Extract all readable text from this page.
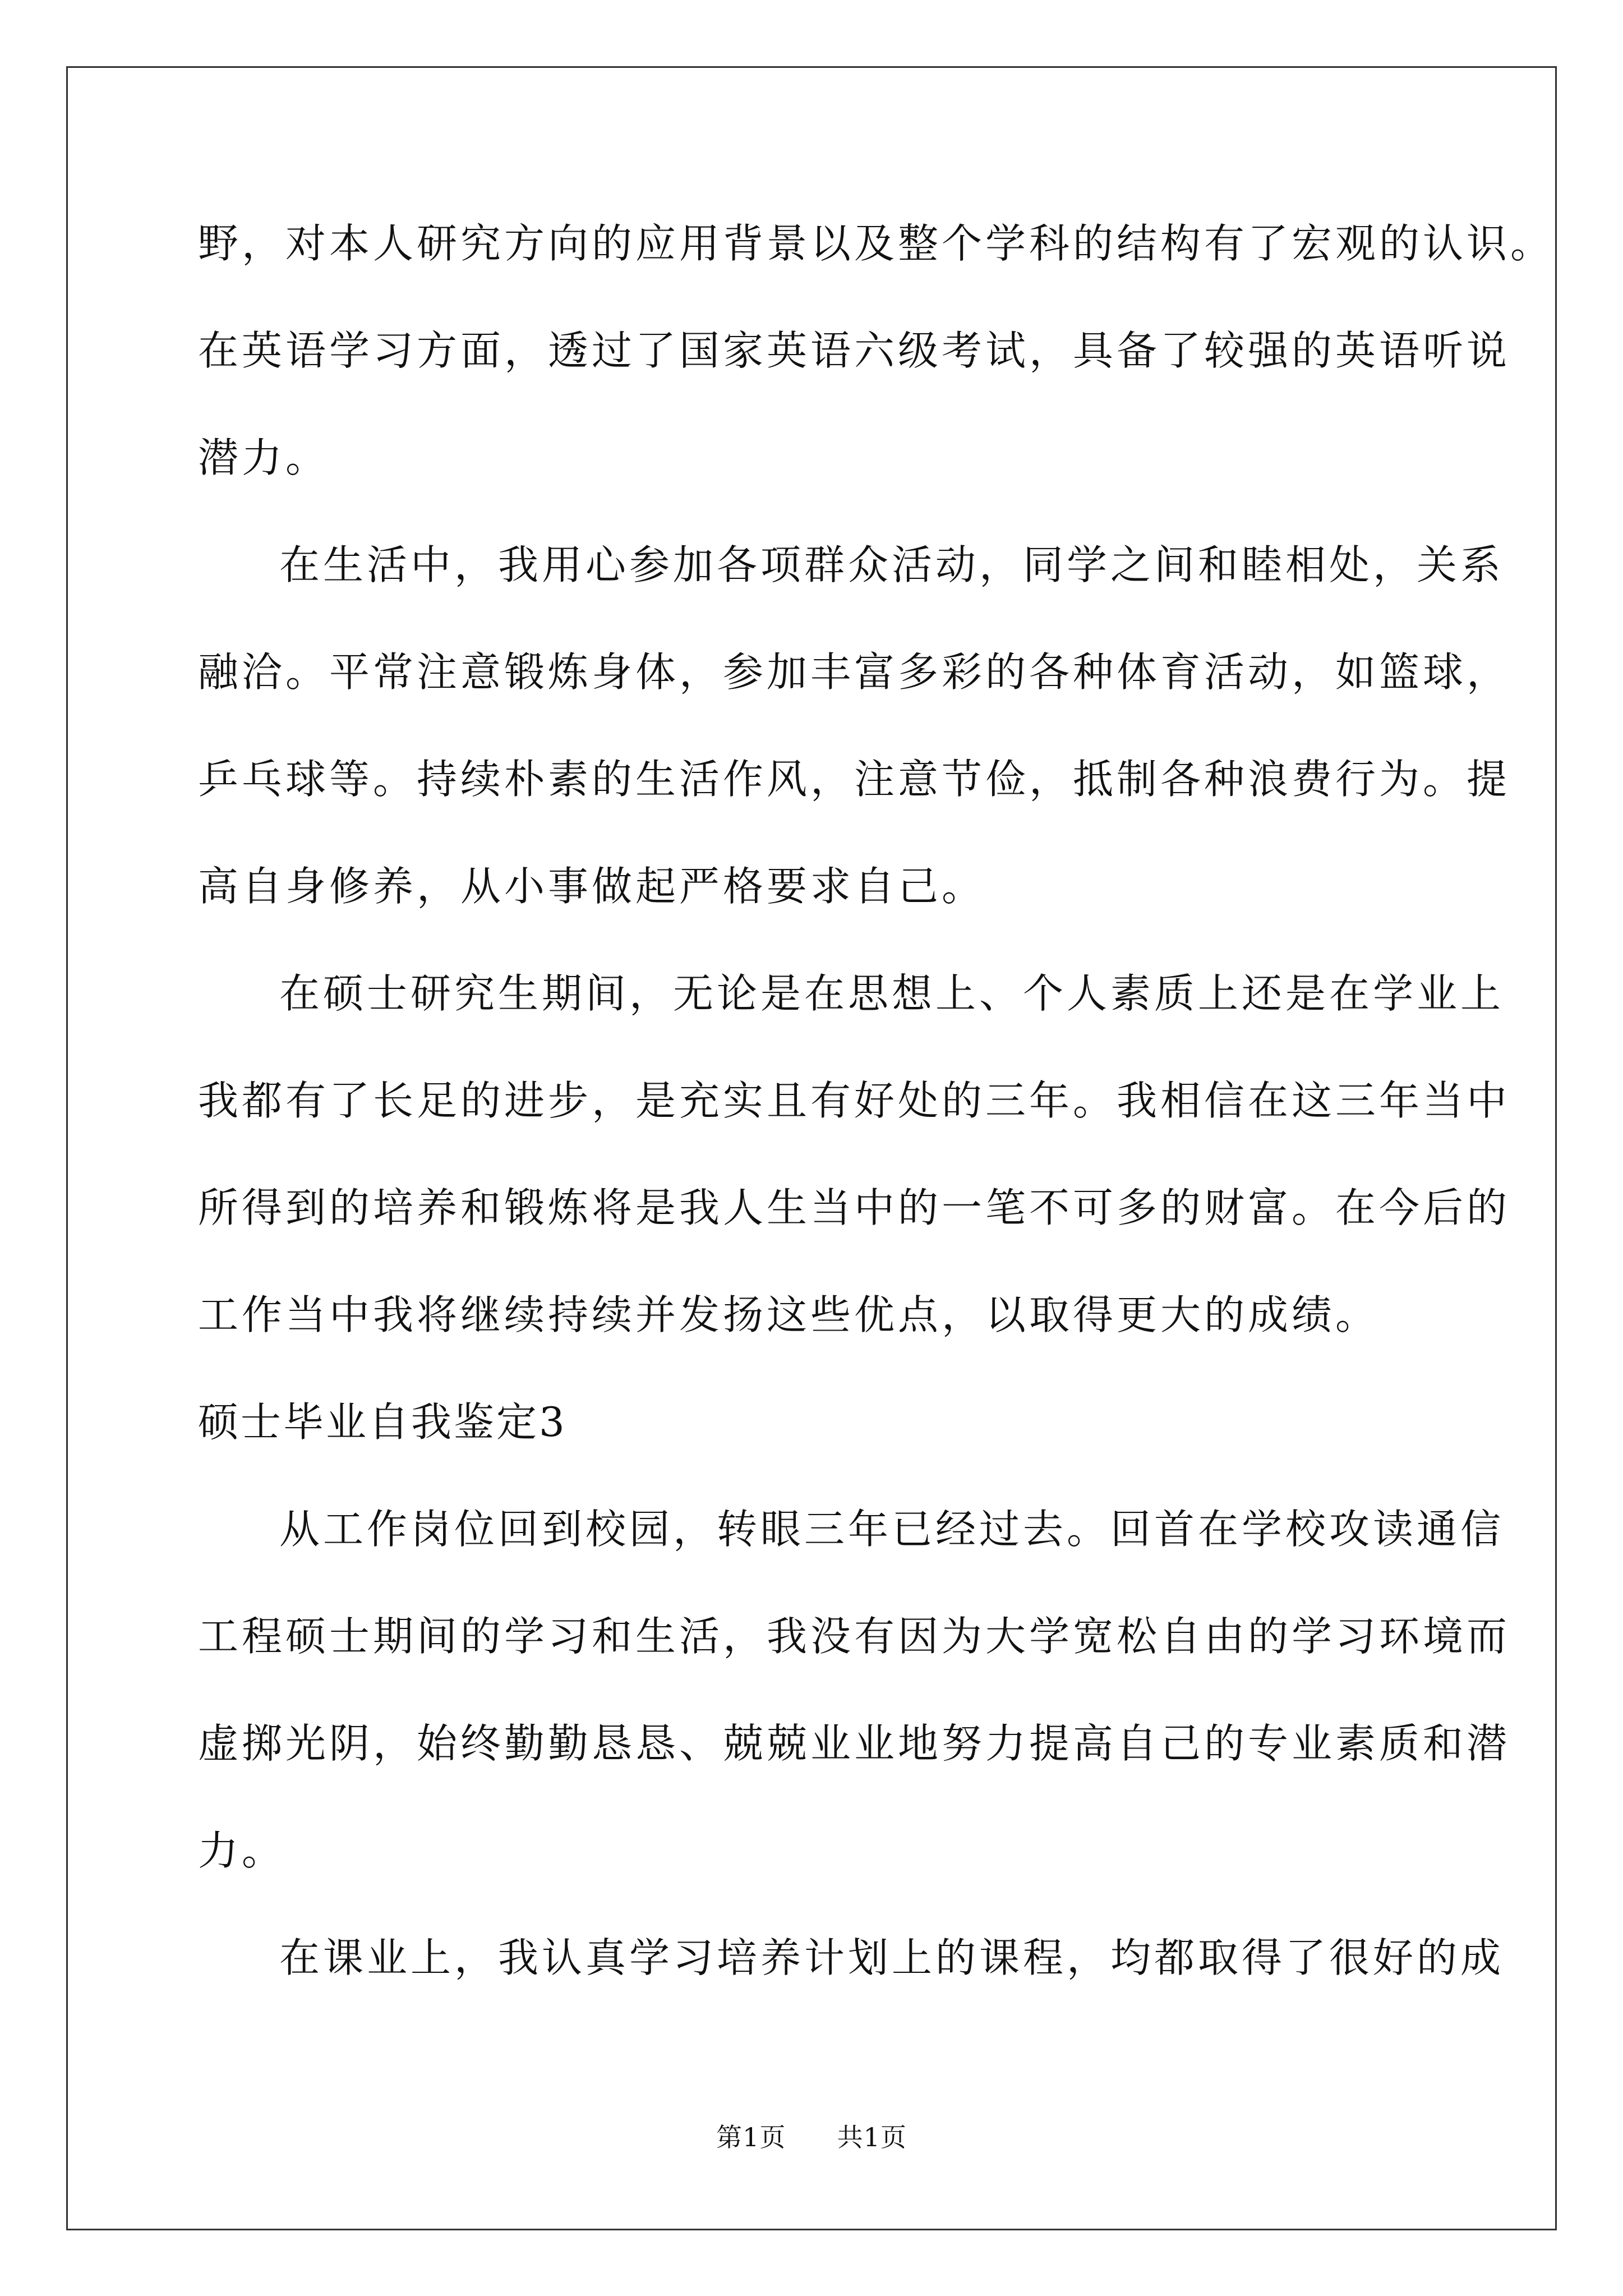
野，对本人研究方向的应用背景以及整个学科的结构有了宏观的认识。
在英语学习方面，透过了国家英语六级考试，具备了较强的英语听说
潜力。
在生活中，我用心参加各项群众活动，同学之间和睦相处，关系
融洽。平常注意锻炼身体，参加丰富多彩的各种体育活动，如篮球，
乒乓球等。持续朴素的生活作风，注意节俭，抵制各种浪费行为。提
高自身修养，从小事做起严格要求自己。
在硕士研究生期间，无论是在思想上、个人素质上还是在学业上
我都有了长足的进步，是充实且有好处的三年。我相信在这三年当中
所得到的培养和锻炼将是我人生当中的一笔不可多的财富。在今后的
工作当中我将继续持续并发扬这些优点，以取得更大的成绩。
硕士毕业自我鉴定3
从工作岗位回到校园，转眼三年已经过去。回首在学校攻读通信
工程硕士期间的学习和生活，我没有因为大学宽松自由的学习环境而
虚掷光阴，始终勤勤恳恳、兢兢业业地努力提高自己的专业素质和潜
力。
在课业上，我认真学习培养计划上的课程，均都取得了很好的成
第1页 共1页
